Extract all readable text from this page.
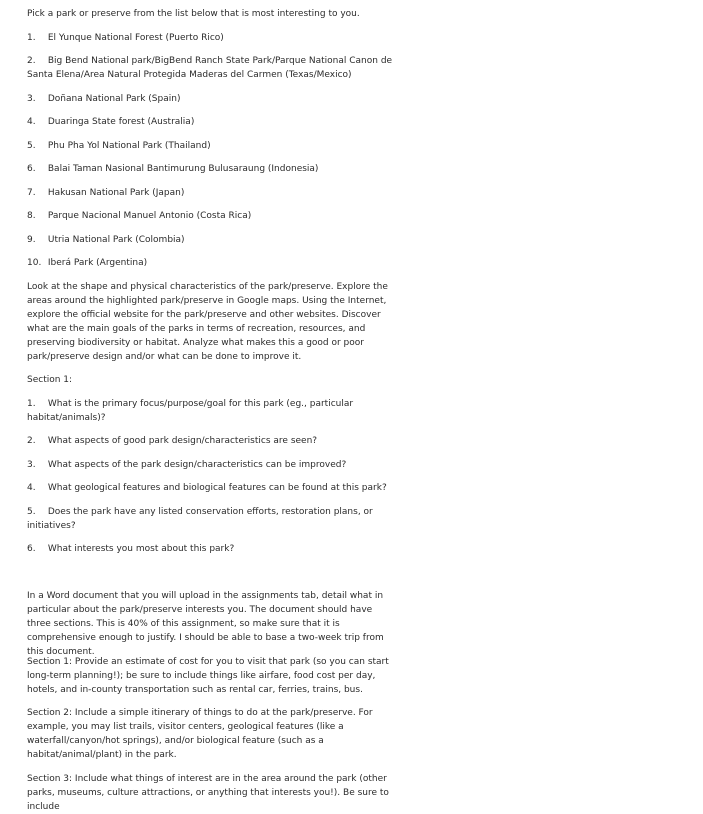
Pick a park or preserve from the list below that is most interesting to you.

1. El Yunque National Forest (Puerto Rico)

2. Big Bend National park/BigBend Ranch State Park/Parque National Canon de Santa Elena/Area Natural Protegida Maderas del Carmen (Texas/Mexico)

3. Doñana National Park (Spain)

4. Duaringa State forest (Australia)

5. Phu Pha Yol National Park (Thailand)

6. Balai Taman Nasional Bantimurung Bulusaraung (Indonesia)

7. Hakusan National Park (Japan)

8. Parque Nacional Manuel Antonio (Costa Rica)

9. Utria National Park (Colombia)

10. Iberá Park (Argentina)

Look at the shape and physical characteristics of the park/preserve. Explore the areas around the highlighted park/preserve in Google maps. Using the Internet, explore the official website for the park/preserve and other websites. Discover what are the main goals of the parks in terms of recreation, resources, and preserving biodiversity or habitat. Analyze what makes this a good or poor park/preserve design and/or what can be done to improve it.

Section 1:

1. What is the primary focus/purpose/goal for this park (eg., particular habitat/animals)?

2. What aspects of good park design/characteristics are seen?

3. What aspects of the park design/characteristics can be improved?

4. What geological features and biological features can be found at this park?

5. Does the park have any listed conservation efforts, restoration plans, or initiatives?

6. What interests you most about this park?

In a Word document that you will upload in the assignments tab, detail what in particular about the park/preserve interests you. The document should have three sections. This is 40% of this assignment, so make sure that it is comprehensive enough to justify. I should be able to base a two-week trip from this document.

Section 1: Provide an estimate of cost for you to visit that park (so you can start long-term planning!); be sure to include things like airfare, food cost per day, hotels, and in-county transportation such as rental car, ferries, trains, bus.

Section 2: Include a simple itinerary of things to do at the park/preserve. For example, you may list trails, visitor centers, geological features (like a waterfall/canyon/hot springs), and/or biological feature (such as a habitat/animal/plant) in the park.

Section 3: Include what things of interest are in the area around the park (other parks, museums, culture attractions, or anything that interests you!). Be sure to include
